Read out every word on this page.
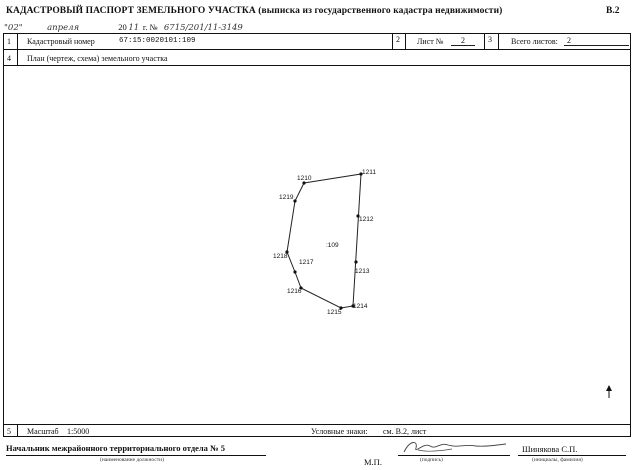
КАДАСТРОВЫЙ ПАСПОРТ ЗЕМЕЛЬНОГО УЧАСТКА (выписка из государственного кадастра недвижимости)	В.2
"02"	апреля	20 11 г. № 6715/201/11-3149
1 Кадастровый номер	67:15:0020101:109	2 Лист №	2	3 Всего листов:	2
4 План (чертеж, схема) земельного участка
1210
1211
1219
1212
:109
1218
1217
1213
1216
1214
1215
5 Масштаб 1:5000	Условные знаки: см. В.2, лист
Начальник межрайонного территориального отдела № 5
(наименование должности)	М.П.	(подпись)
Шинякова С.П.
(инициалы, фамилия)
